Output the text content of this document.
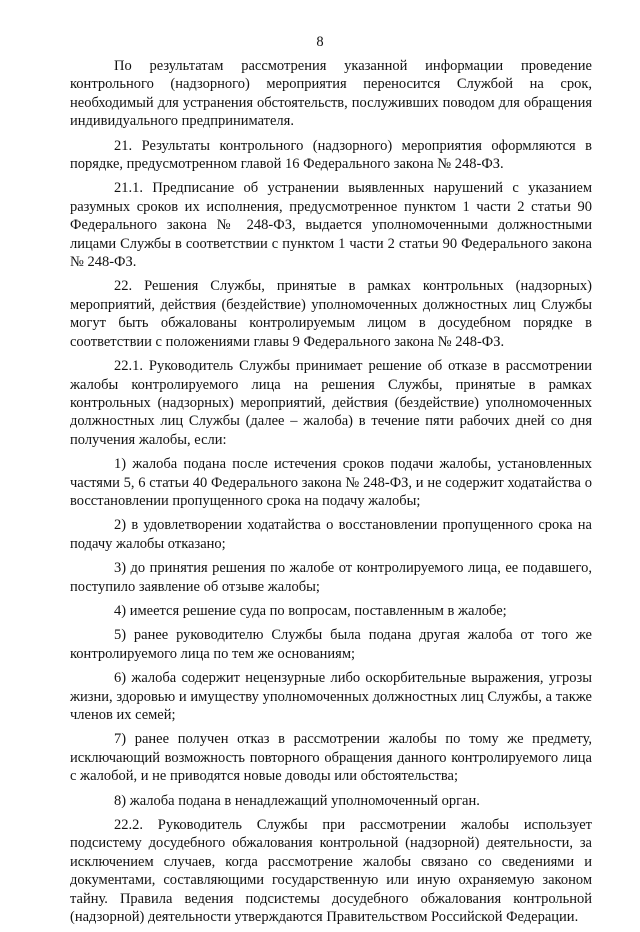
8

По результатам рассмотрения указанной информации проведение контрольного (надзорного) мероприятия переносится Службой на срок, необходимый для устранения обстоятельств, послуживших поводом для обращения индивидуального предпринимателя.

21. Результаты контрольного (надзорного) мероприятия оформляются в порядке, предусмотренном главой 16 Федерального закона № 248-ФЗ.

21.1. Предписание об устранении выявленных нарушений с указанием разумных сроков их исполнения, предусмотренное пунктом 1 части 2 статьи 90 Федерального закона № 248-ФЗ, выдается уполномоченными должностными лицами Службы в соответствии с пунктом 1 части 2 статьи 90 Федерального закона № 248-ФЗ.

22. Решения Службы, принятые в рамках контрольных (надзорных) мероприятий, действия (бездействие) уполномоченных должностных лиц Службы могут быть обжалованы контролируемым лицом в досудебном порядке в соответствии с положениями главы 9 Федерального закона № 248-ФЗ.

22.1. Руководитель Службы принимает решение об отказе в рассмотрении жалобы контролируемого лица на решения Службы, принятые в рамках контрольных (надзорных) мероприятий, действия (бездействие) уполномоченных должностных лиц Службы (далее – жалоба) в течение пяти рабочих дней со дня получения жалобы, если:

1) жалоба подана после истечения сроков подачи жалобы, установленных частями 5, 6 статьи 40 Федерального закона № 248-ФЗ, и не содержит ходатайства о восстановлении пропущенного срока на подачу жалобы;

2) в удовлетворении ходатайства о восстановлении пропущенного срока на подачу жалобы отказано;

3) до принятия решения по жалобе от контролируемого лица, ее подавшего, поступило заявление об отзыве жалобы;

4) имеется решение суда по вопросам, поставленным в жалобе;

5) ранее руководителю Службы была подана другая жалоба от того же контролируемого лица по тем же основаниям;

6) жалоба содержит нецензурные либо оскорбительные выражения, угрозы жизни, здоровью и имуществу уполномоченных должностных лиц Службы, а также членов их семей;

7) ранее получен отказ в рассмотрении жалобы по тому же предмету, исключающий возможность повторного обращения данного контролируемого лица с жалобой, и не приводятся новые доводы или обстоятельства;

8) жалоба подана в ненадлежащий уполномоченный орган.

22.2. Руководитель Службы при рассмотрении жалобы использует подсистему досудебного обжалования контрольной (надзорной) деятельности, за исключением случаев, когда рассмотрение жалобы связано со сведениями и документами, составляющими государственную или иную охраняемую законом тайну. Правила ведения подсистемы досудебного обжалования контрольной (надзорной) деятельности утверждаются Правительством Российской Федерации.
